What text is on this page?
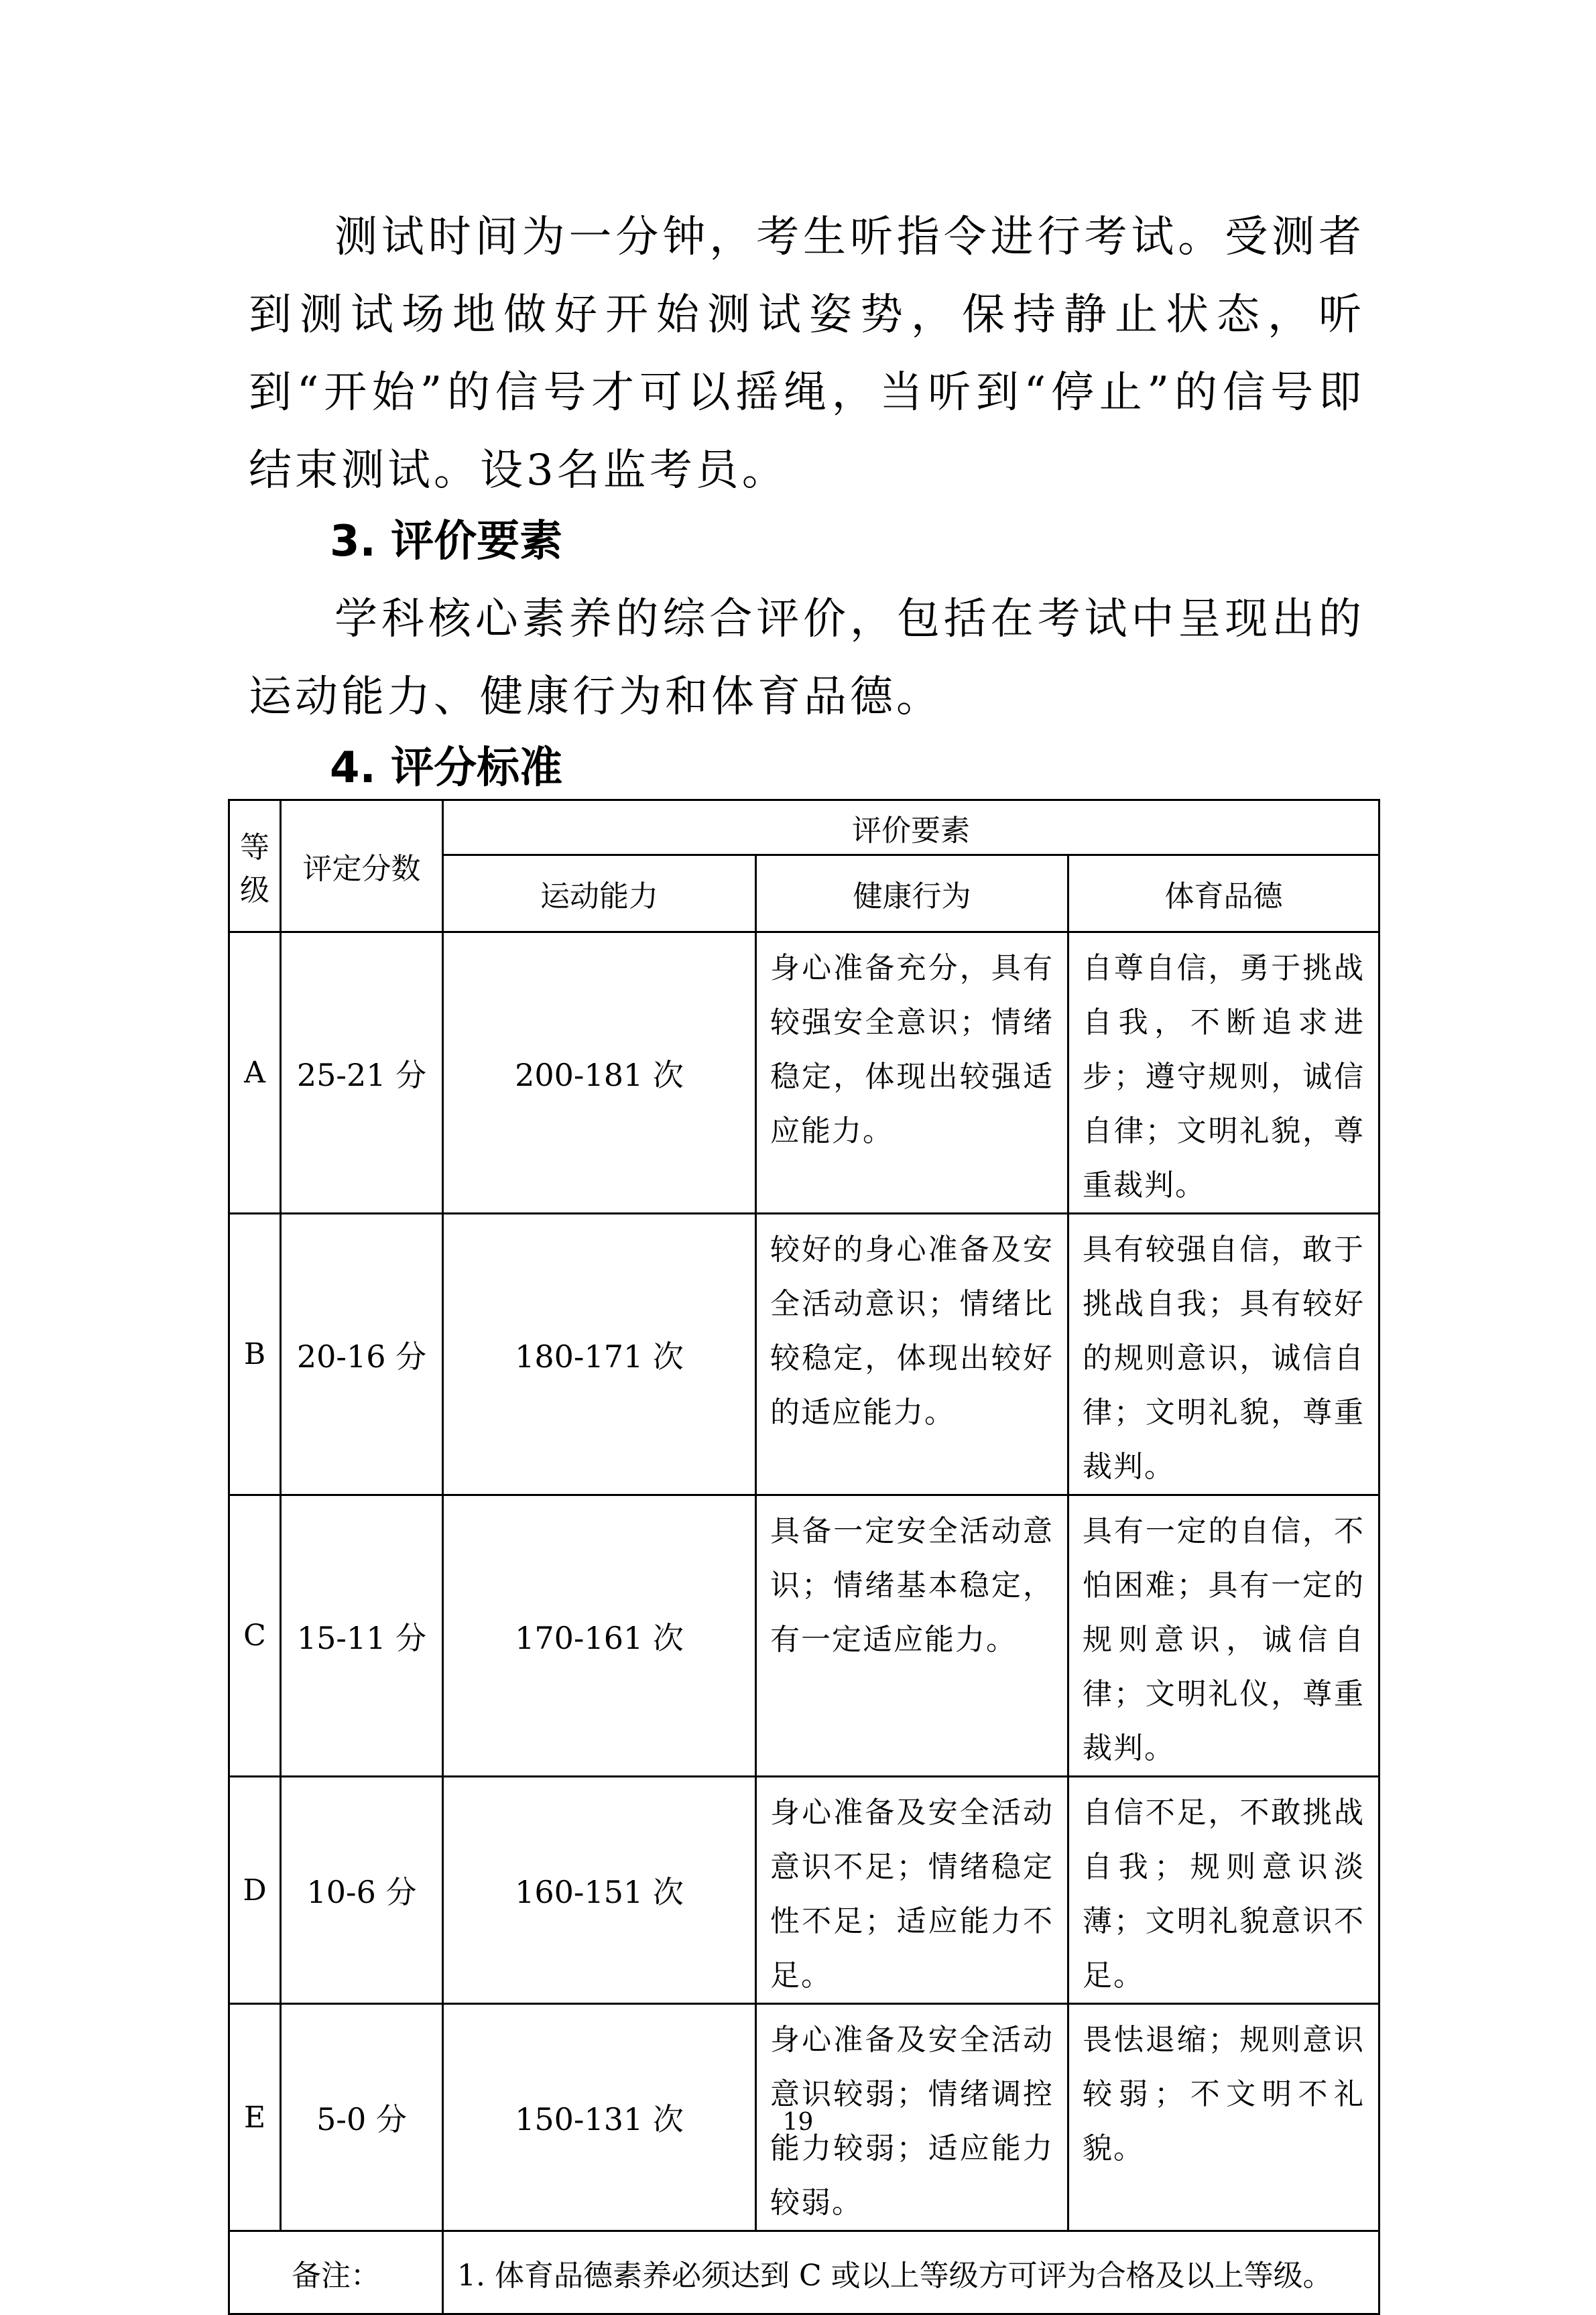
测试时间为一分钟，考生听指令进行考试。受测者到测试场地做好开始测试姿势，保持静止状态，听到“开始”的信号才可以摇绳，当听到“停止”的信号即结束测试。设3名监考员。

3. 评价要素

学科核心素养的综合评价，包括在考试中呈现出的运动能力、健康行为和体育品德。

4. 评分标准
等级	评定分数	评价要素		
		运动能力	健康行为	体育品德
A	25-21 分	200-181 次	身心准备充分，具有较强安全意识；情绪稳定，体现出较强适应能力。	自尊自信，勇于挑战自我，不断追求进步；遵守规则，诚信自律；文明礼貌，尊重裁判。
B	20-16 分	180-171 次	较好的身心准备及安全活动意识；情绪比较稳定，体现出较好的适应能力。	具有较强自信，敢于挑战自我；具有较好的规则意识，诚信自律；文明礼貌，尊重裁判。
C	15-11 分	170-161 次	具备一定安全活动意识；情绪基本稳定，有一定适应能力。	具有一定的自信，不怕困难；具有一定的规则意识，诚信自律；文明礼仪，尊重裁判。
D	10-6 分	160-151 次	身心准备及安全活动意识不足；情绪稳定性不足；适应能力不足。	自信不足，不敢挑战自我；规则意识淡薄；文明礼貌意识不足。
E	5-0 分	150-131 次	身心准备及安全活动意识较弱；情绪调控能力较弱；适应能力较弱。	畏怯退缩；规则意识较弱；不文明不礼貌。
备注：		1. 体育品德素养必须达到 C 或以上等级方可评为合格及以上等级。		
19
